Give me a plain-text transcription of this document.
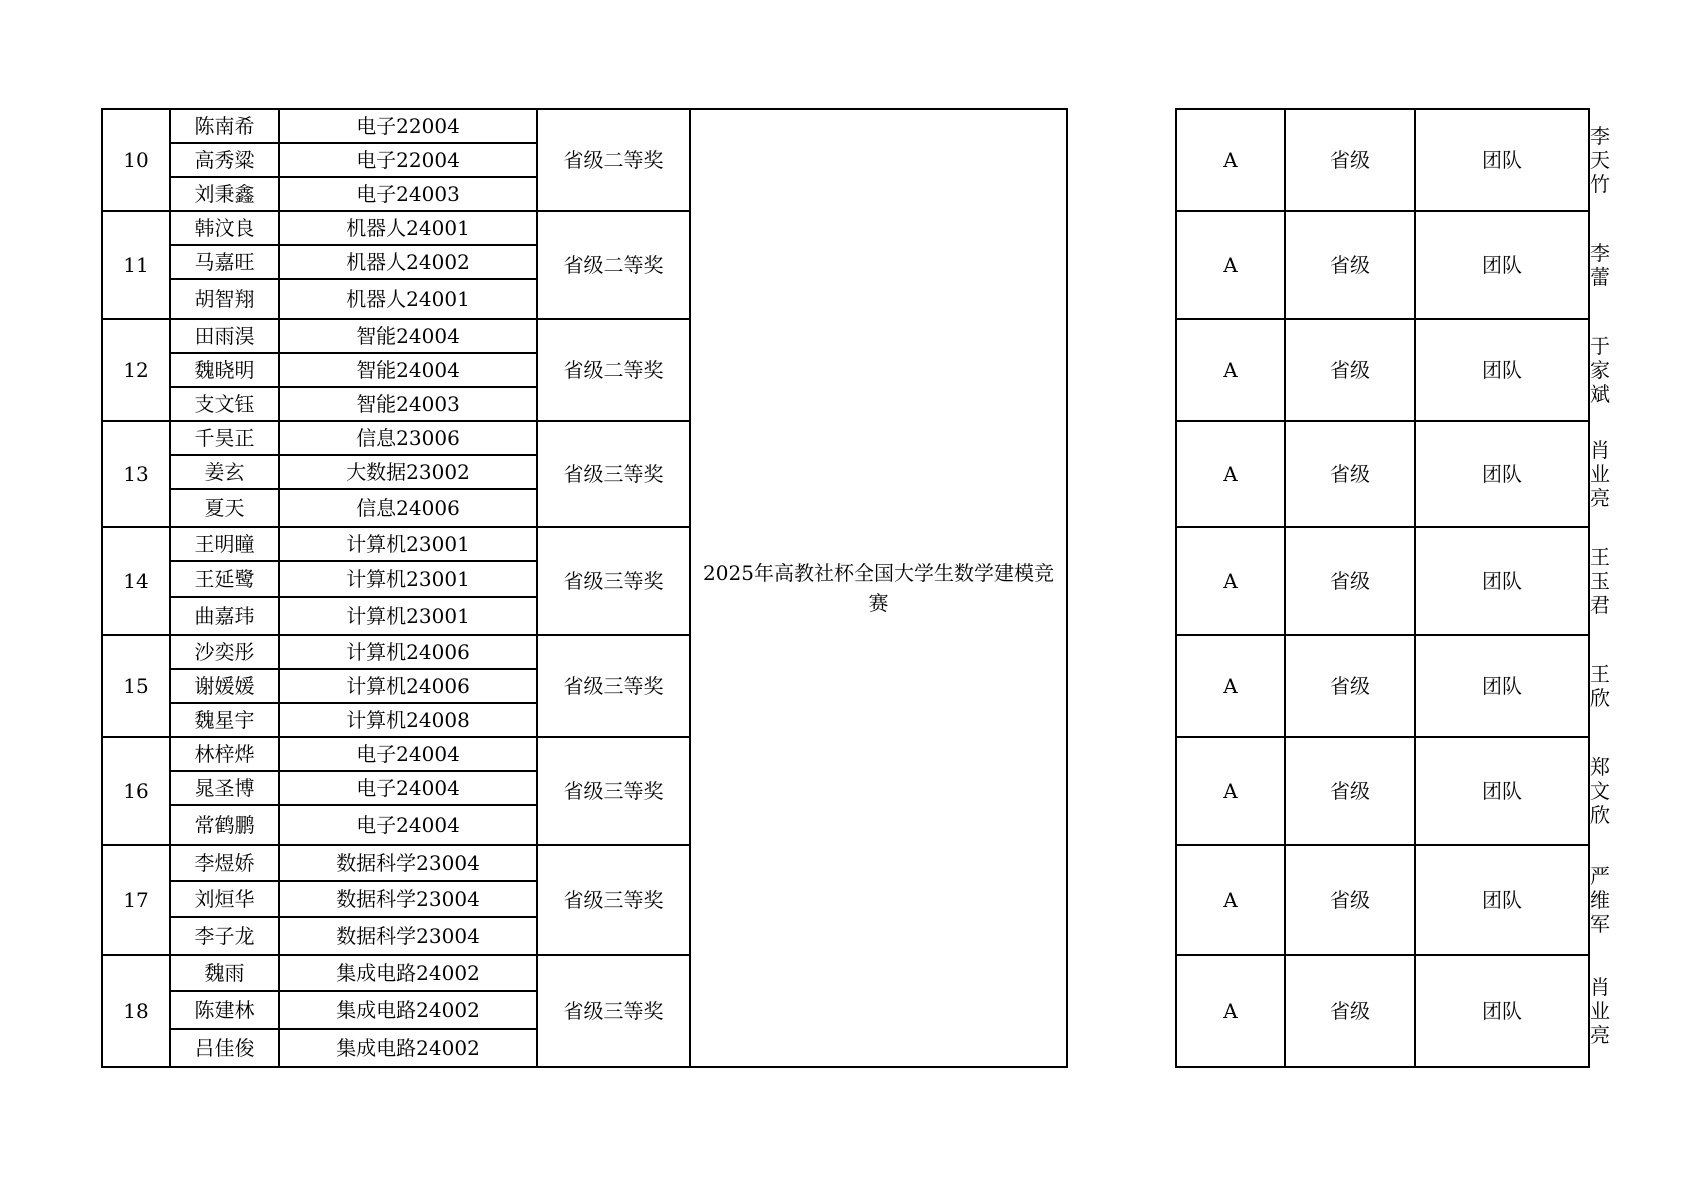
10	陈南希	电子22004	省级二等奖	2025年高教社杯全国大学生数学建模竞赛		A	省级	团队	李天竹
	高秀粱	电子22004							
	刘秉鑫	电子24003							
11	韩汶良	机器人24001	省级二等奖			A	省级	团队	李蕾
	马嘉旺	机器人24002							
	胡智翔	机器人24001							
12	田雨淏	智能24004	省级二等奖			A	省级	团队	于家斌
	魏晓明	智能24004							
	支文钰	智能24003							
13	千昊正	信息23006	省级三等奖			A	省级	团队	肖业亮
	姜玄	大数据23002							
	夏天	信息24006							
14	王明瞳	计算机23001	省级三等奖			A	省级	团队	王玉君
	王延鹭	计算机23001							
	曲嘉玮	计算机23001							
15	沙奕彤	计算机24006	省级三等奖			A	省级	团队	王欣
	谢媛媛	计算机24006							
	魏星宇	计算机24008							
16	林梓烨	电子24004	省级三等奖			A	省级	团队	郑文欣
	晁圣博	电子24004							
	常鹤鹏	电子24004							
17	李煜娇	数据科学23004	省级三等奖			A	省级	团队	严维军
	刘烜华	数据科学23004							
	李子龙	数据科学23004							
18	魏雨	集成电路24002	省级三等奖			A	省级	团队	肖业亮
	陈建林	集成电路24002							
	吕佳俊	集成电路24002							
